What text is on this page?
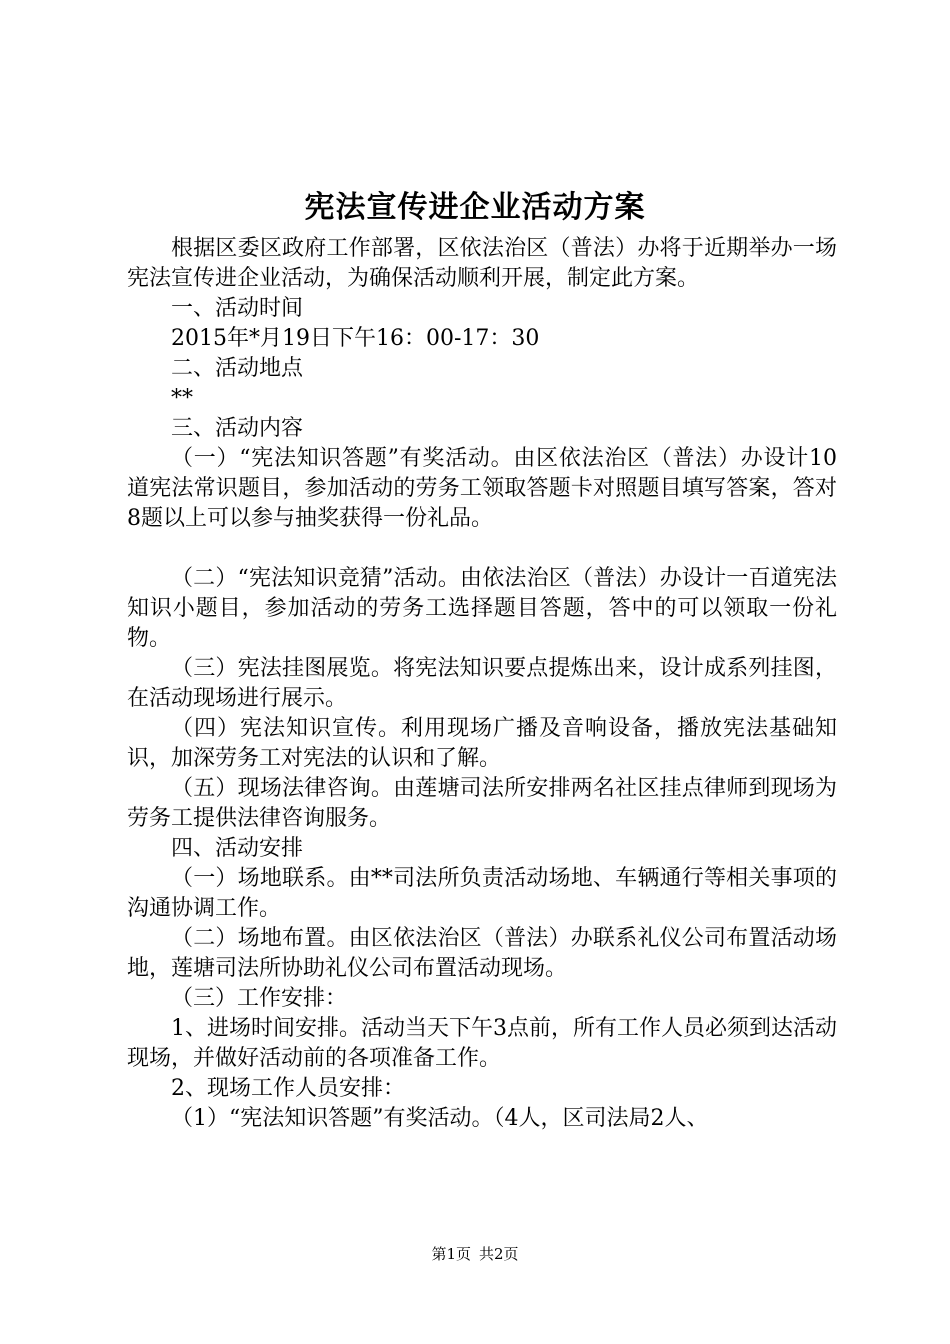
宪法宣传进企业活动方案

根据区委区政府工作部署，区依法治区（普法）办将于近期举办一场宪法宣传进企业活动，为确保活动顺利开展，制定此方案。

一、活动时间

2015年*月19日下午16：00-17：30

二、活动地点

**

三、活动内容

（一）“宪法知识答题”有奖活动。由区依法治区（普法）办设计10道宪法常识题目，参加活动的劳务工领取答题卡对照题目填写答案，答对8题以上可以参与抽奖获得一份礼品。

（二）“宪法知识竞猜”活动。由依法治区（普法）办设计一百道宪法知识小题目，参加活动的劳务工选择题目答题，答中的可以领取一份礼物。

（三）宪法挂图展览。将宪法知识要点提炼出来，设计成系列挂图，在活动现场进行展示。

（四）宪法知识宣传。利用现场广播及音响设备，播放宪法基础知识，加深劳务工对宪法的认识和了解。

（五）现场法律咨询。由莲塘司法所安排两名社区挂点律师到现场为劳务工提供法律咨询服务。

四、活动安排

（一）场地联系。由**司法所负责活动场地、车辆通行等相关事项的沟通协调工作。

（二）场地布置。由区依法治区（普法）办联系礼仪公司布置活动场地，莲塘司法所协助礼仪公司布置活动现场。

（三）工作安排：

1、进场时间安排。活动当天下午3点前，所有工作人员必须到达活动现场，并做好活动前的各项准备工作。

2、现场工作人员安排：

（1）“宪法知识答题”有奖活动。（4人，区司法局2人、

第1页 共2页
